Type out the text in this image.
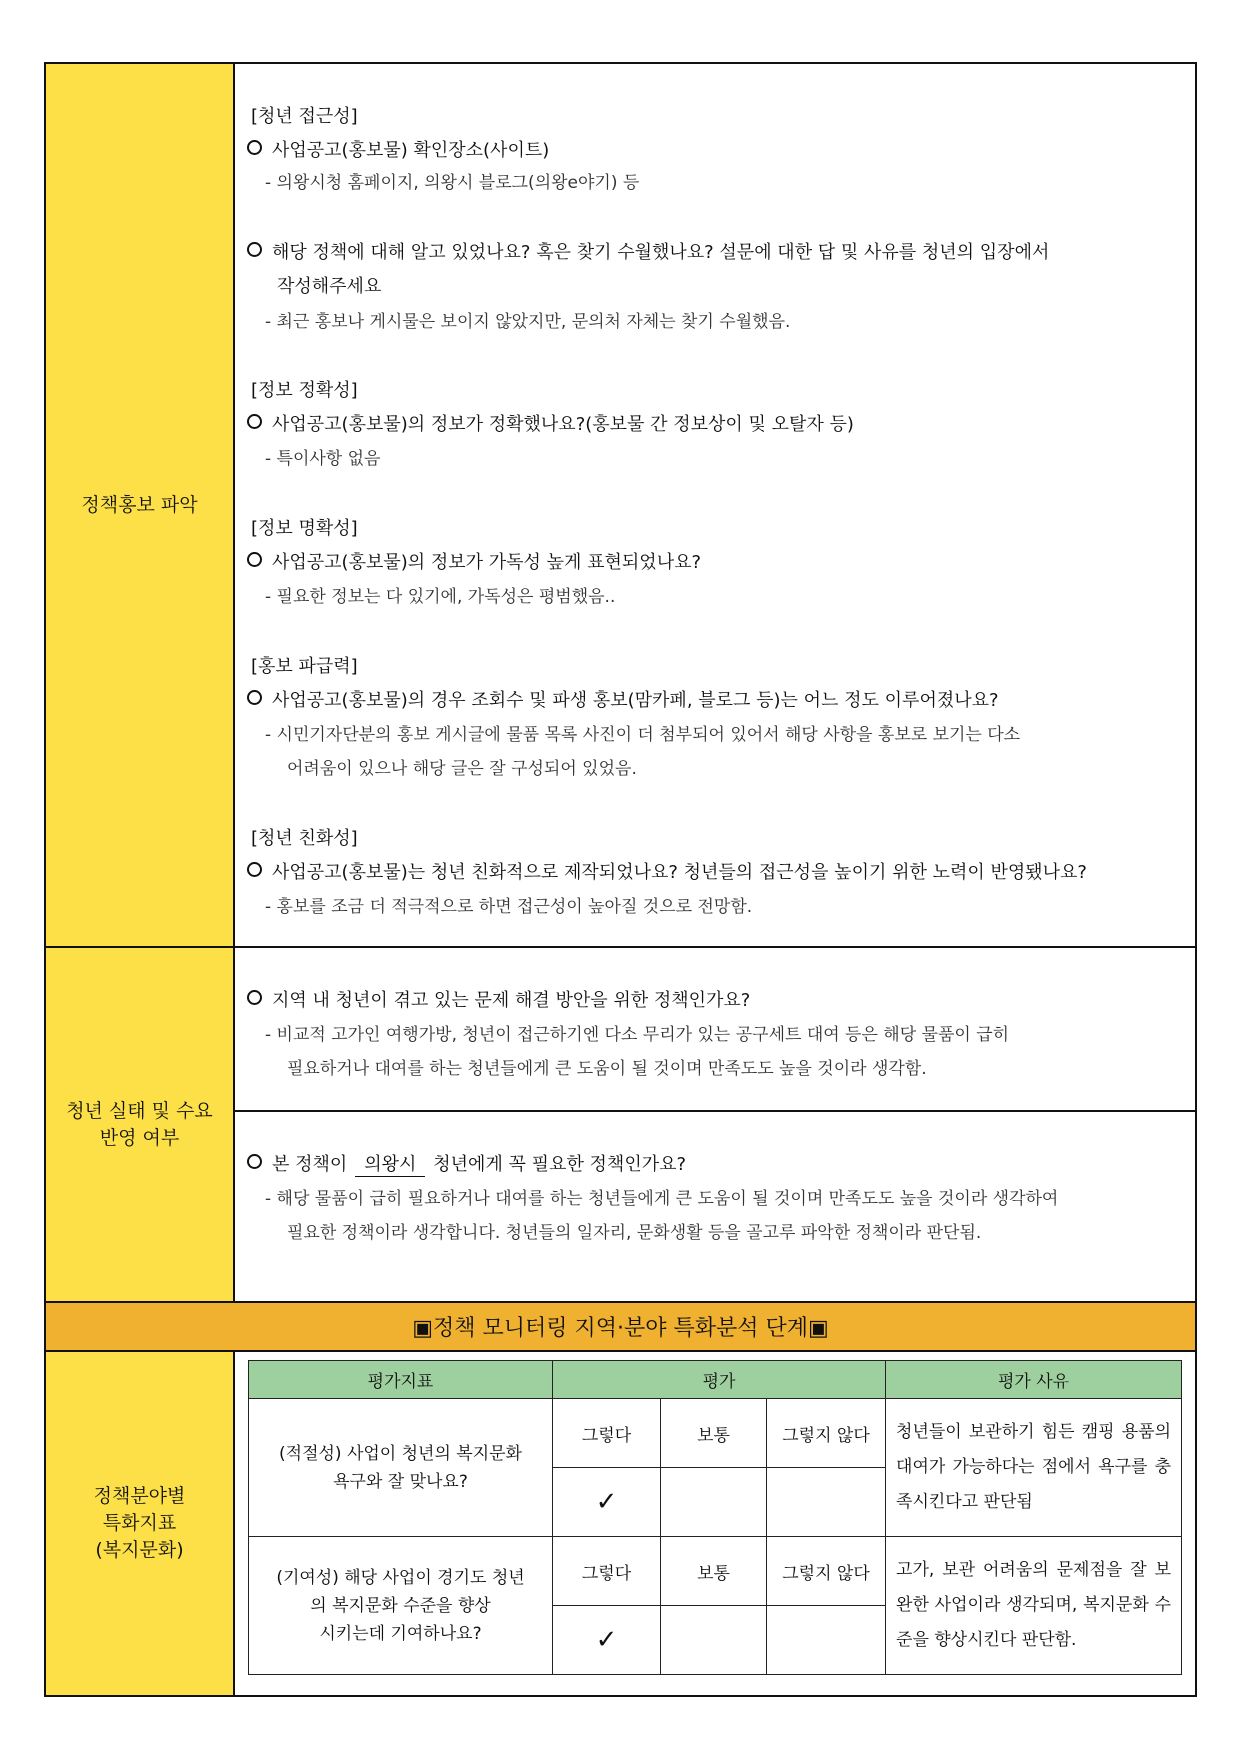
정책홍보 파악
[청년 접근성]
사업공고(홍보물) 확인장소(사이트)
- 의왕시청 홈페이지, 의왕시 블로그(의왕e야기) 등
해당 정책에 대해 알고 있었나요? 혹은 찾기 수월했나요? 설문에 대한 답 및 사유를 청년의 입장에서
작성해주세요
- 최근 홍보나 게시물은 보이지 않았지만, 문의처 자체는 찾기 수월했음.
[정보 정확성]
사업공고(홍보물)의 정보가 정확했나요?(홍보물 간 정보상이 및 오탈자 등)
- 특이사항 없음
[정보 명확성]
사업공고(홍보물)의 정보가 가독성 높게 표현되었나요?
- 필요한 정보는 다 있기에, 가독성은 평범했음..
[홍보 파급력]
사업공고(홍보물)의 경우 조회수 및 파생 홍보(맘카페, 블로그 등)는 어느 정도 이루어졌나요?
- 시민기자단분의 홍보 게시글에 물품 목록 사진이 더 첨부되어 있어서 해당 사항을 홍보로 보기는 다소
어려움이 있으나 해당 글은 잘 구성되어 있었음.
[청년 친화성]
사업공고(홍보물)는 청년 친화적으로 제작되었나요? 청년들의 접근성을 높이기 위한 노력이 반영됐나요?
- 홍보를 조금 더 적극적으로 하면 접근성이 높아질 것으로 전망함.
청년 실태 및 수요
반영 여부
지역 내 청년이 겪고 있는 문제 해결 방안을 위한 정책인가요?
- 비교적 고가인 여행가방, 청년이 접근하기엔 다소 무리가 있는 공구세트 대여 등은 해당 물품이 급히
필요하거나 대여를 하는 청년들에게 큰 도움이 될 것이며 만족도도 높을 것이라 생각함.
본 정책이 의왕시 청년에게 꼭 필요한 정책인가요?
- 해당 물품이 급히 필요하거나 대여를 하는 청년들에게 큰 도움이 될 것이며 만족도도 높을 것이라 생각하여
필요한 정책이라 생각합니다. 청년들의 일자리, 문화생활 등을 골고루 파악한 정책이라 판단됨.
▣정책 모니터링 지역·분야 특화분석 단계▣
정책분야별
특화지표
(복지문화)
평가지표	평가			평가 사유
(적절성) 사업이 청년의 복지문화
욕구와 잘 맞나요?	그렇다	보통	그렇지 않다	청년들이 보관하기 힘든 캠핑 용품의 대여가 가능하다는 점에서 욕구를 충족시킨다고 판단됨
	✓			
(기여성) 해당 사업이 경기도 청년
의 복지문화 수준을 향상
시키는데 기여하나요?	그렇다	보통	그렇지 않다	고가, 보관 어려움의 문제점을 잘 보완한 사업이라 생각되며, 복지문화 수준을 향상시킨다 판단함.
	✓			
